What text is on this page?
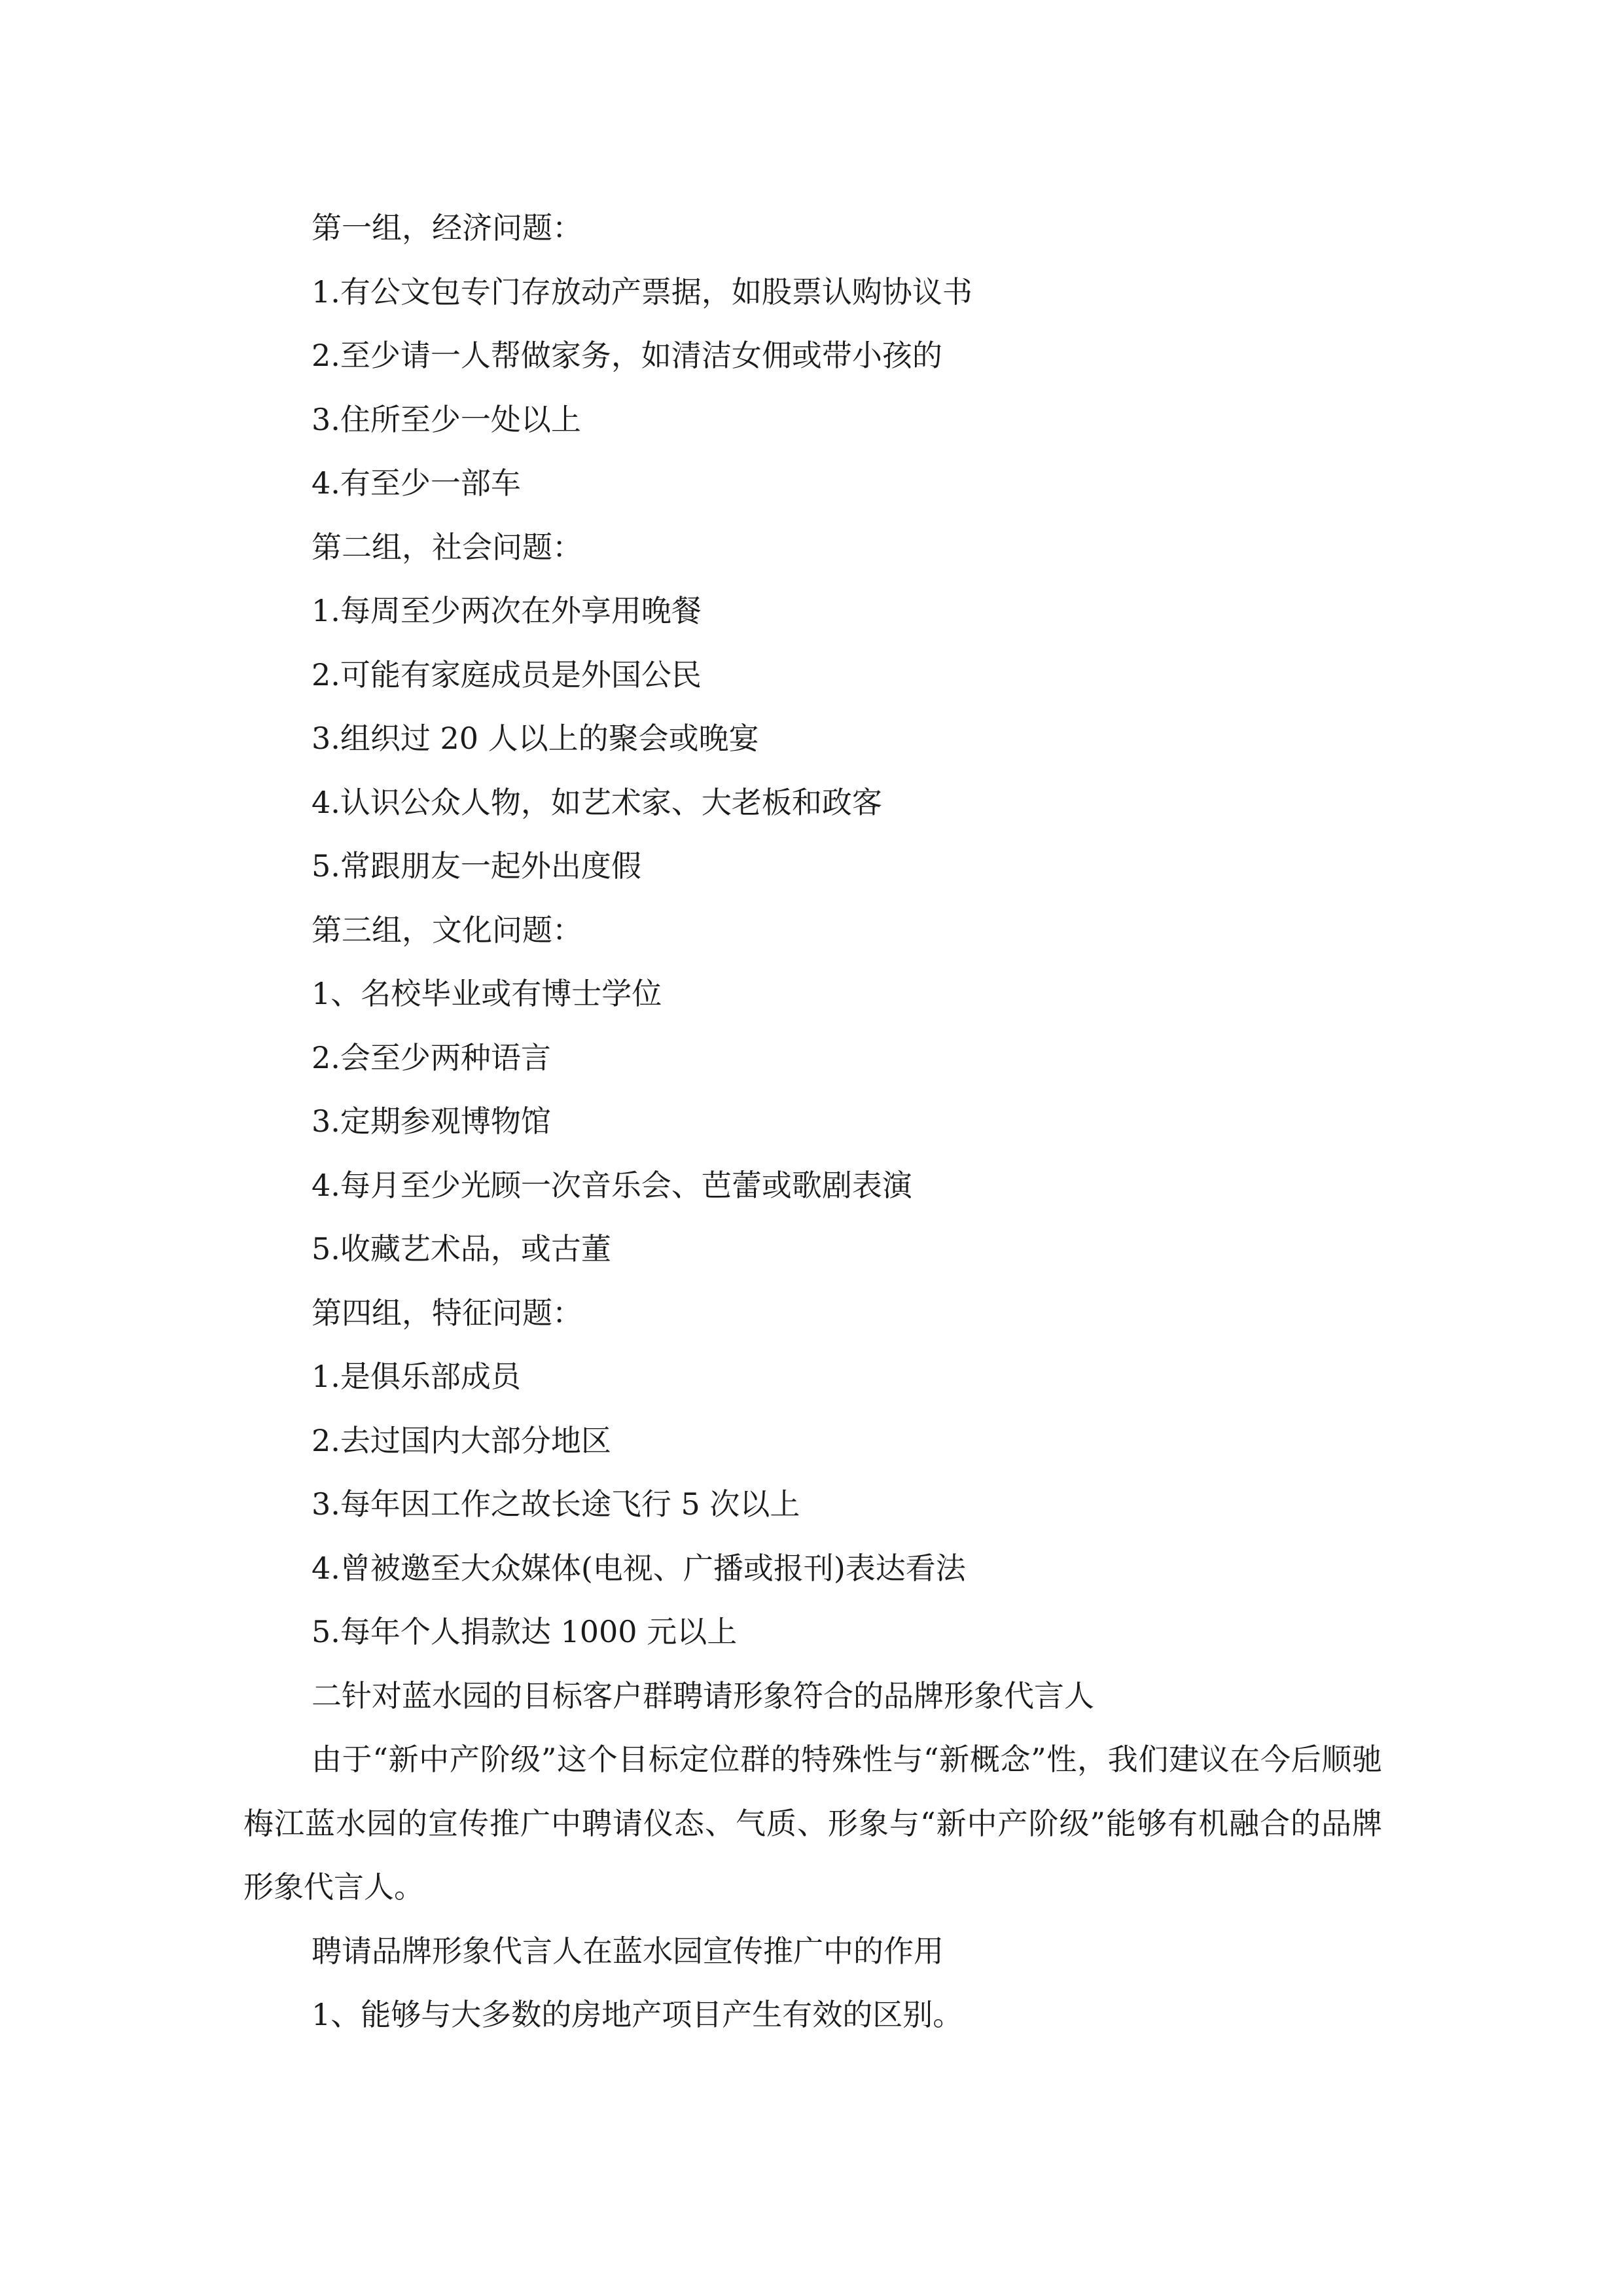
第一组，经济问题：
1.有公文包专门存放动产票据，如股票认购协议书
2.至少请一人帮做家务，如清洁女佣或带小孩的
3.住所至少一处以上
4.有至少一部车
第二组，社会问题：
1.每周至少两次在外享用晚餐
2.可能有家庭成员是外国公民
3.组织过 20 人以上的聚会或晚宴
4.认识公众人物，如艺术家、大老板和政客
5.常跟朋友一起外出度假
第三组，文化问题：
1、名校毕业或有博士学位
2.会至少两种语言
3.定期参观博物馆
4.每月至少光顾一次音乐会、芭蕾或歌剧表演
5.收藏艺术品，或古董
第四组，特征问题：
1.是俱乐部成员
2.去过国内大部分地区
3.每年因工作之故长途飞行 5 次以上
4.曾被邀至大众媒体(电视、广播或报刊)表达看法
5.每年个人捐款达 1000 元以上
二针对蓝水园的目标客户群聘请形象符合的品牌形象代言人

由于“新中产阶级”这个目标定位群的特殊性与“新概念”性，我们建议在今后顺驰梅江蓝水园的宣传推广中聘请仪态、气质、形象与“新中产阶级”能够有机融合的品牌形象代言人。

聘请品牌形象代言人在蓝水园宣传推广中的作用
1、能够与大多数的房地产项目产生有效的区别。
